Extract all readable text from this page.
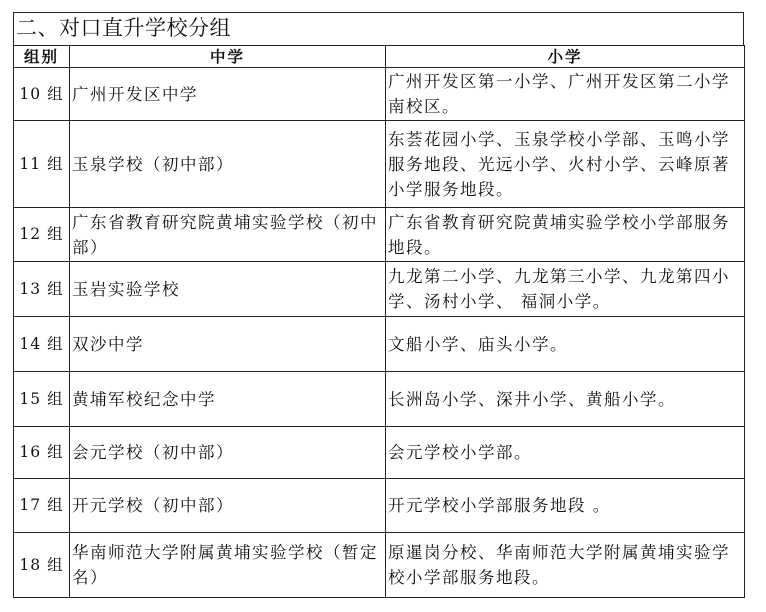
二、对口直升学校分组
组别	中学	小学
10 组	广州开发区中学	广州开发区第一小学、广州开发区第二小学南校区。
11 组	玉泉学校（初中部）	东荟花园小学、玉泉学校小学部、玉鸣小学服务地段、光远小学、火村小学、云峰原著小学服务地段。
12 组	广东省教育研究院黄埔实验学校（初中部）	广东省教育研究院黄埔实验学校小学部服务地段。
13 组	玉岩实验学校	九龙第二小学、九龙第三小学、九龙第四小学、汤村小学、 福洞小学。
14 组	双沙中学	文船小学、庙头小学。
15 组	黄埔军校纪念中学	长洲岛小学、深井小学、黄船小学。
16 组	会元学校（初中部）	会元学校小学部。
17 组	开元学校（初中部）	开元学校小学部服务地段 。
18 组	华南师范大学附属黄埔实验学校（暂定名）	原暹岗分校、华南师范大学附属黄埔实验学校小学部服务地段。
